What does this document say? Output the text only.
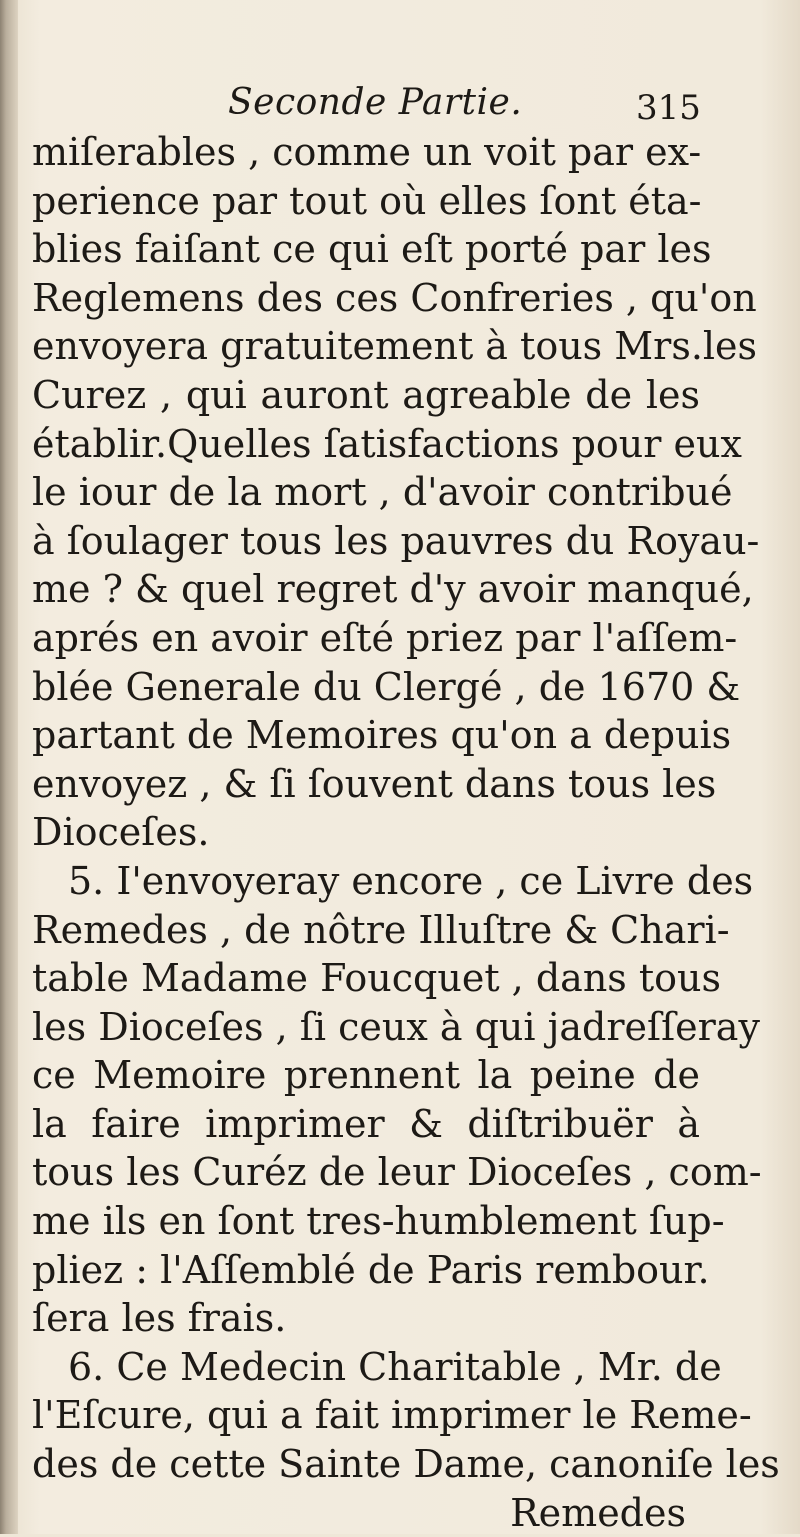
Seconde Partie.	315
miſerables , comme un voit par ex-
perience par tout où elles ſont éta-
blies faiſant ce qui eſt porté par les
Reglemens des ces Confreries , qu'on
envoyera gratuitement à tous Mrs.les
Curez , qui auront agreable de les
établir.Quelles ſatisfactions pour eux
le iour de la mort , d'avoir contribué
à ſoulager tous les pauvres du Royau-
me ? & quel regret d'y avoir manqué,
aprés en avoir eſté priez par l'aſſem-
blée Generale du Clergé , de 1670 &
partant de Memoires qu'on a depuis
envoyez , & ſi ſouvent dans tous les
Dioceſes.
5. I'envoyeray encore , ce Livre des
Remedes , de nôtre Illuſtre & Chari-
table Madame Foucquet , dans tous
les Dioceſes , ſi ceux à qui jadreſſeray
ce Memoire prennent la peine de
la faire imprimer & diſtribuër à
tous les Curéz de leur Dioceſes , com-
me ils en ſont tres-humblement ſup-
pliez : l'Aſſemblé de Paris rembour.
ſera les frais.
6. Ce Medecin Charitable , Mr. de
l'Eſcure, qui a fait imprimer le Reme-
des de cette Sainte Dame, canoniſe les
Remedes
